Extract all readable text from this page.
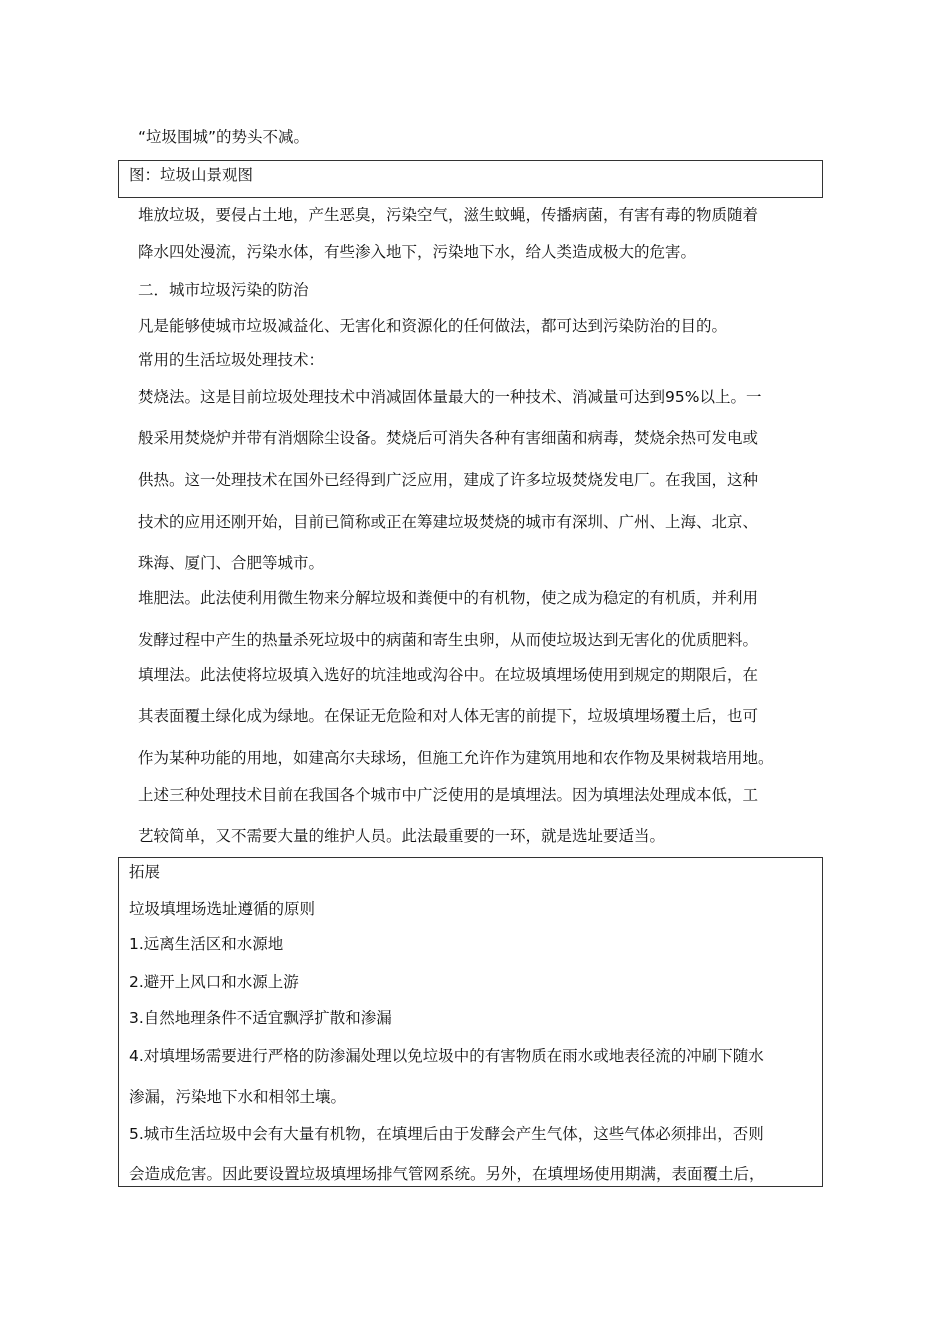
“垃圾围城”的势头不减。
图：垃圾山景观图
堆放垃圾，要侵占土地，产生恶臭，污染空气，滋生蚊蝇，传播病菌，有害有毒的物质随着
降水四处漫流，污染水体，有些渗入地下，污染地下水，给人类造成极大的危害。
二．城市垃圾污染的防治
凡是能够使城市垃圾减益化、无害化和资源化的任何做法，都可达到污染防治的目的。
常用的生活垃圾处理技术：
焚烧法。这是目前垃圾处理技术中消减固体量最大的一种技术、消减量可达到95%以上。一
般采用焚烧炉并带有消烟除尘设备。焚烧后可消失各种有害细菌和病毒，焚烧余热可发电或
供热。这一处理技术在国外已经得到广泛应用，建成了许多垃圾焚烧发电厂。在我国，这种
技术的应用还刚开始，目前已简称或正在筹建垃圾焚烧的城市有深圳、广州、上海、北京、
珠海、厦门、合肥等城市。
堆肥法。此法使利用微生物来分解垃圾和粪便中的有机物，使之成为稳定的有机质，并利用
发酵过程中产生的热量杀死垃圾中的病菌和寄生虫卵，从而使垃圾达到无害化的优质肥料。
填埋法。此法使将垃圾填入选好的坑洼地或沟谷中。在垃圾填埋场使用到规定的期限后，在
其表面覆土绿化成为绿地。在保证无危险和对人体无害的前提下，垃圾填埋场覆土后，也可
作为某种功能的用地，如建高尔夫球场，但施工允许作为建筑用地和农作物及果树栽培用地。
上述三种处理技术目前在我国各个城市中广泛使用的是填埋法。因为填埋法处理成本低，工
艺较简单，又不需要大量的维护人员。此法最重要的一环，就是选址要适当。
拓展
垃圾填埋场选址遵循的原则
1.远离生活区和水源地
2.避开上风口和水源上游
3.自然地理条件不适宜飘浮扩散和渗漏
4.对填埋场需要进行严格的防渗漏处理以免垃圾中的有害物质在雨水或地表径流的冲刷下随水
渗漏，污染地下水和相邻土壤。
5.城市生活垃圾中会有大量有机物，在填埋后由于发酵会产生气体，这些气体必须排出，否则
会造成危害。因此要设置垃圾填埋场排气管网系统。另外，在填埋场使用期满，表面覆土后，
